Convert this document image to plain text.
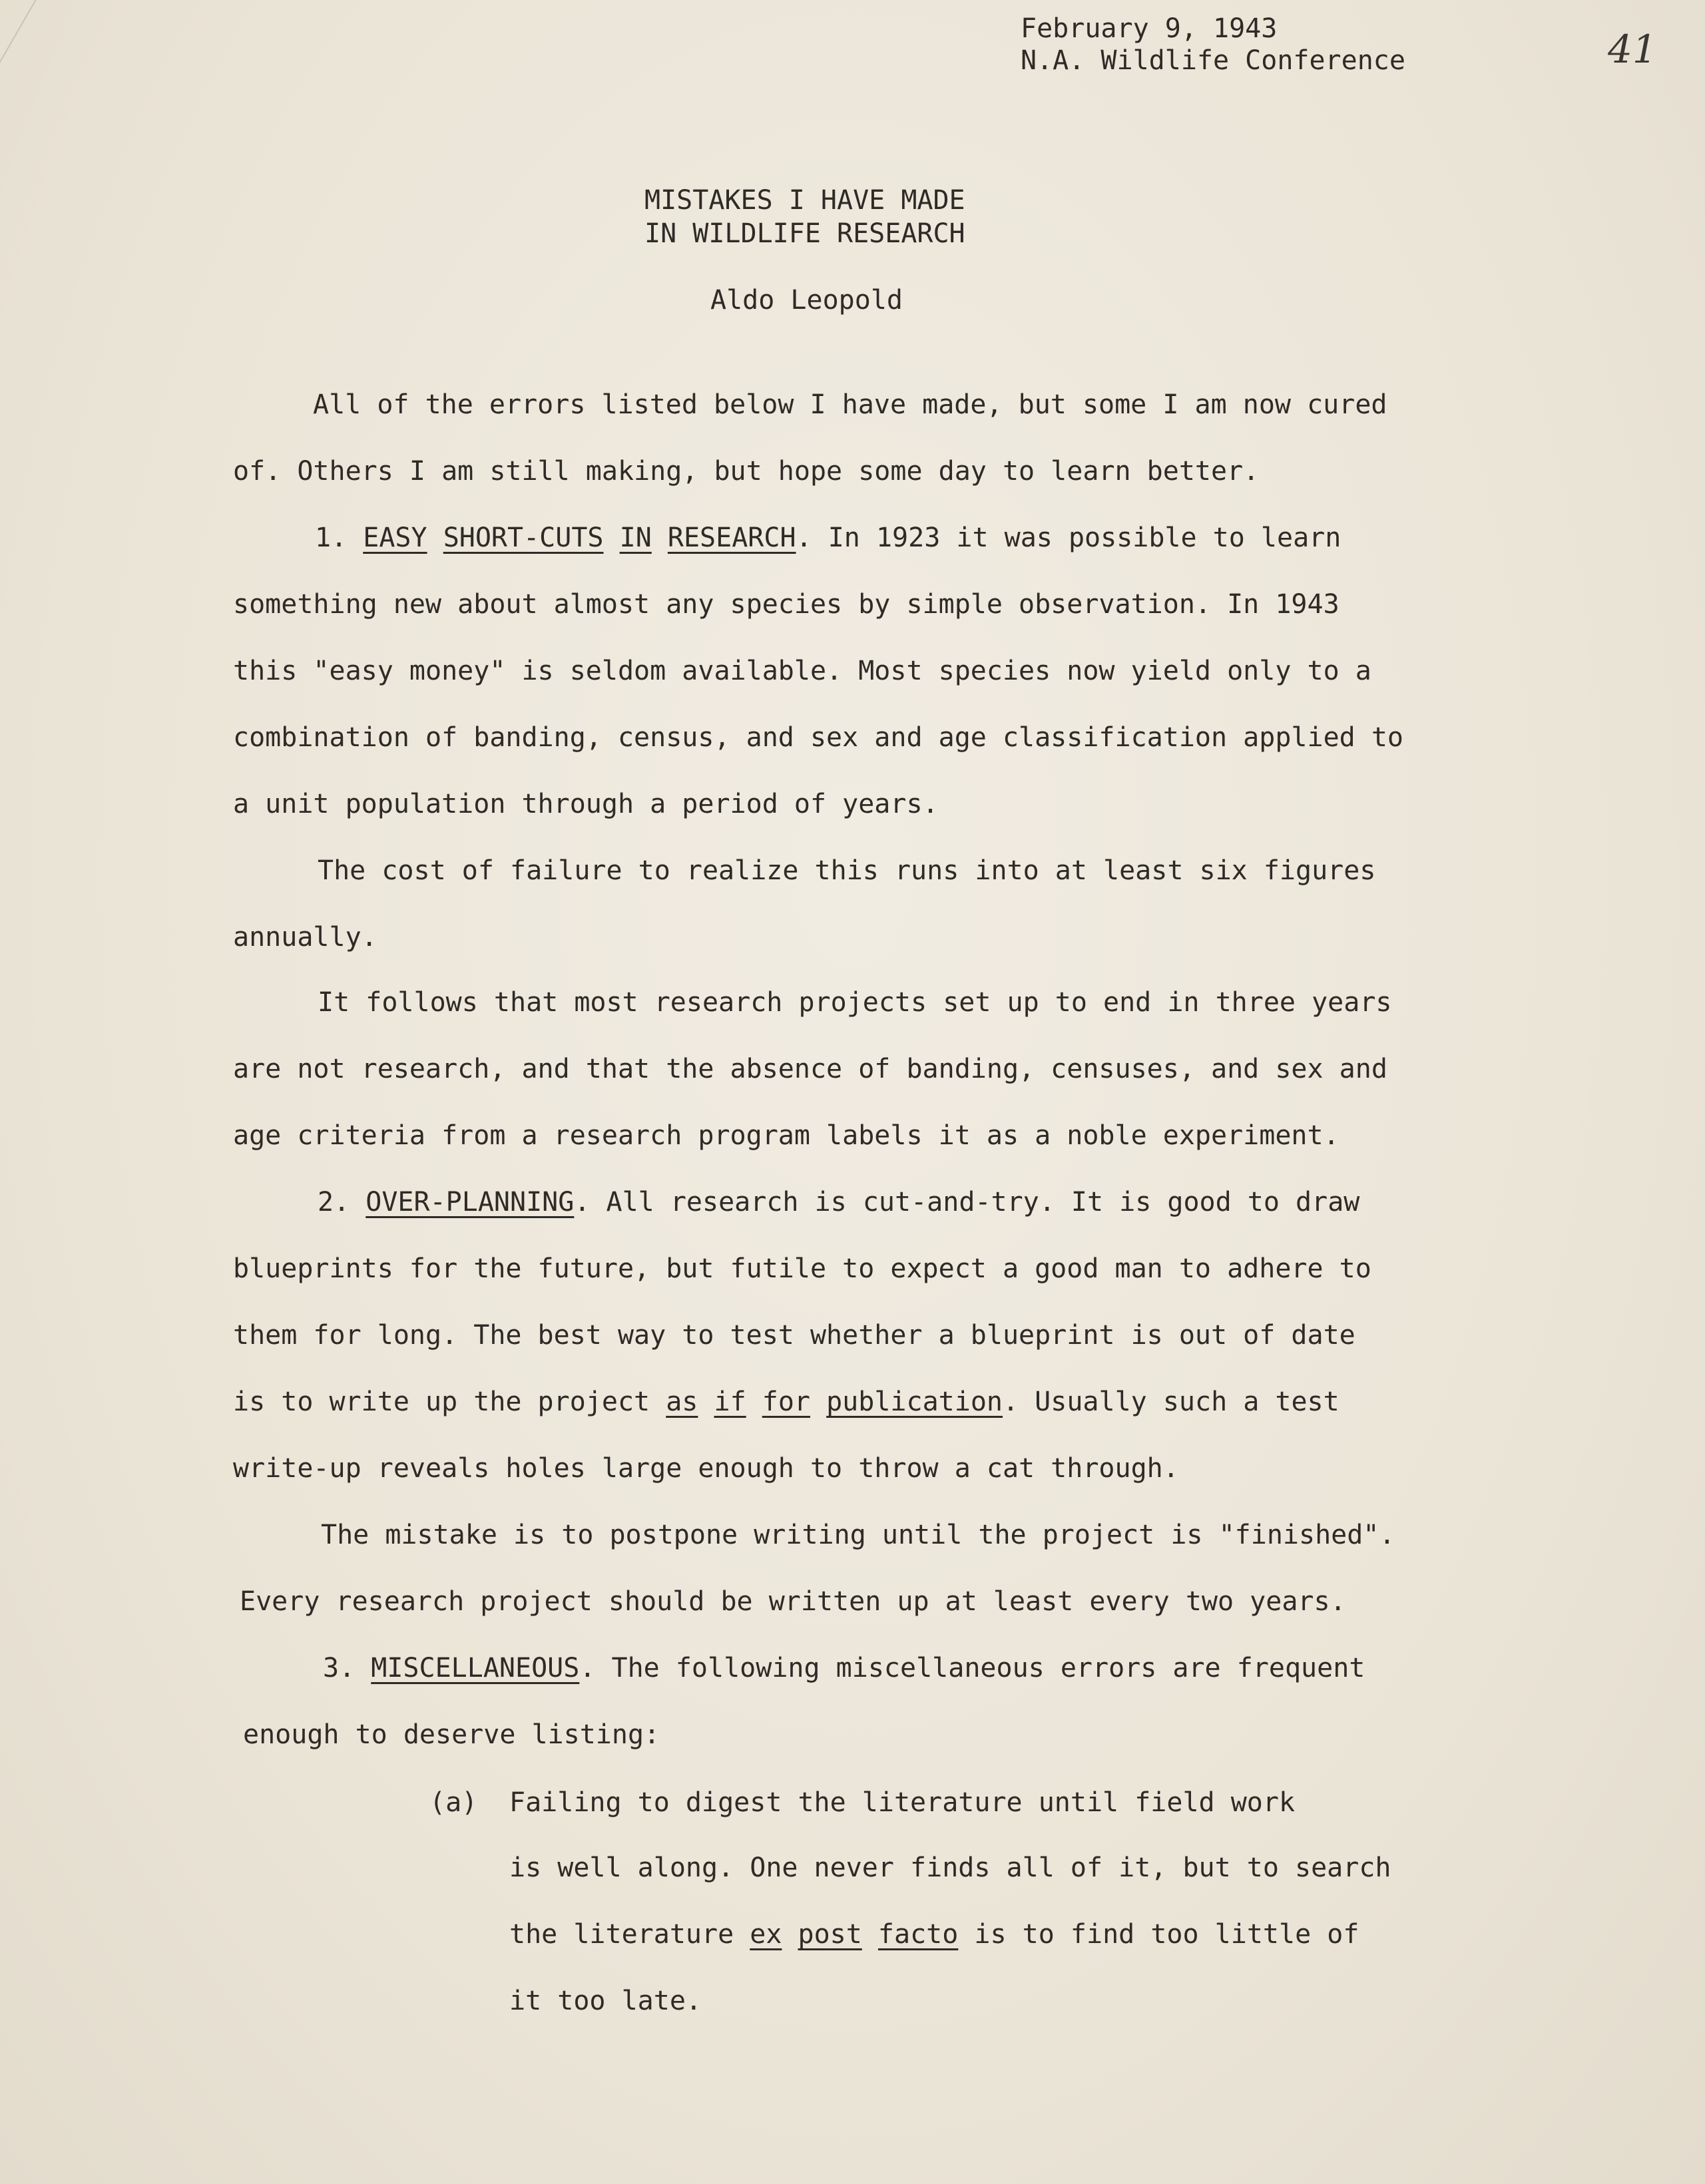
February 9, 1943
N.A. Wildlife Conference	41
MISTAKES I HAVE MADE
IN WILDLIFE RESEARCH
Aldo Leopold
All of the errors listed below I have made, but some I am now cured
of. Others I am still making, but hope some day to learn better.
1. EASY SHORT-CUTS IN RESEARCH. In 1923 it was possible to learn
something new about almost any species by simple observation. In 1943
this "easy money" is seldom available. Most species now yield only to a
combination of banding, census, and sex and age classification applied to
a unit population through a period of years.
The cost of failure to realize this runs into at least six figures
annually.
It follows that most research projects set up to end in three years
are not research, and that the absence of banding, censuses, and sex and
age criteria from a research program labels it as a noble experiment.
2. OVER-PLANNING. All research is cut-and-try. It is good to draw
blueprints for the future, but futile to expect a good man to adhere to
them for long. The best way to test whether a blueprint is out of date
is to write up the project as if for publication. Usually such a test
write-up reveals holes large enough to throw a cat through.
The mistake is to postpone writing until the project is "finished".
Every research project should be written up at least every two years.
3. MISCELLANEOUS. The following miscellaneous errors are frequent
enough to deserve listing:
(a) Failing to digest the literature until field work
is well along. One never finds all of it, but to search
the literature ex post facto is to find too little of
it too late.
